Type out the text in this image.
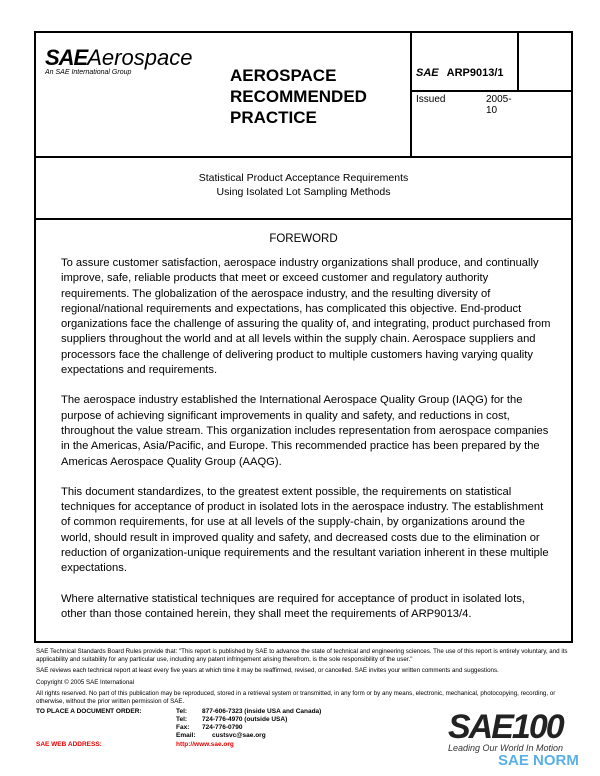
SAEAerospace
An SAE International Group	AEROSPACE
RECOMMENDED
PRACTICE
SAE ARP9013/1
Issued	2005-10
Statistical Product Acceptance Requirements
Using Isolated Lot Sampling Methods
FOREWORD

To assure customer satisfaction, aerospace industry organizations shall produce, and continually improve, safe, reliable products that meet or exceed customer and regulatory authority requirements. The globalization of the aerospace industry, and the resulting diversity of regional/national requirements and expectations, has complicated this objective. End-product organizations face the challenge of assuring the quality of, and integrating, product purchased from suppliers throughout the world and at all levels within the supply chain. Aerospace suppliers and processors face the challenge of delivering product to multiple customers having varying quality expectations and requirements.

The aerospace industry established the International Aerospace Quality Group (IAQG) for the purpose of achieving significant improvements in quality and safety, and reductions in cost, throughout the value stream. This organization includes representation from aerospace companies in the Americas, Asia/Pacific, and Europe. This recommended practice has been prepared by the Americas Aerospace Quality Group (AAQG).

This document standardizes, to the greatest extent possible, the requirements on statistical techniques for acceptance of product in isolated lots in the aerospace industry. The establishment of common requirements, for use at all levels of the supply-chain, by organizations around the world, should result in improved quality and safety, and decreased costs due to the elimination or reduction of organization-unique requirements and the resultant variation inherent in these multiple expectations.

Where alternative statistical techniques are required for acceptance of product in isolated lots, other than those contained herein, they shall meet the requirements of ARP9013/4.

SAE Technical Standards Board Rules provide that: "This report is published by SAE to advance the state of technical and engineering sciences. The use of this report is entirely voluntary, and its applicability and suitability for any particular use, including any patent infringement arising therefrom, is the sole responsibility of the user."

SAE reviews each technical report at least every five years at which time it may be reaffirmed, revised, or cancelled. SAE invites your written comments and suggestions.

Copyright © 2005 SAE International

All rights reserved. No part of this publication may be reproduced, stored in a retrieval system or transmitted, in any form or by any means, electronic, mechanical, photocopying, recording, or otherwise, without the prior written permission of SAE.

TO PLACE A DOCUMENT ORDER:	Tel: 877-606-7323 (inside USA and Canada)
Tel: 724-776-4970 (outside USA)
Fax: 724-776-0790
Email:	custsvc@sae.org
SAE WEB ADDRESS:	http://www.sae.org	SAE100
Leading Our World In Motion
SAE NORM
